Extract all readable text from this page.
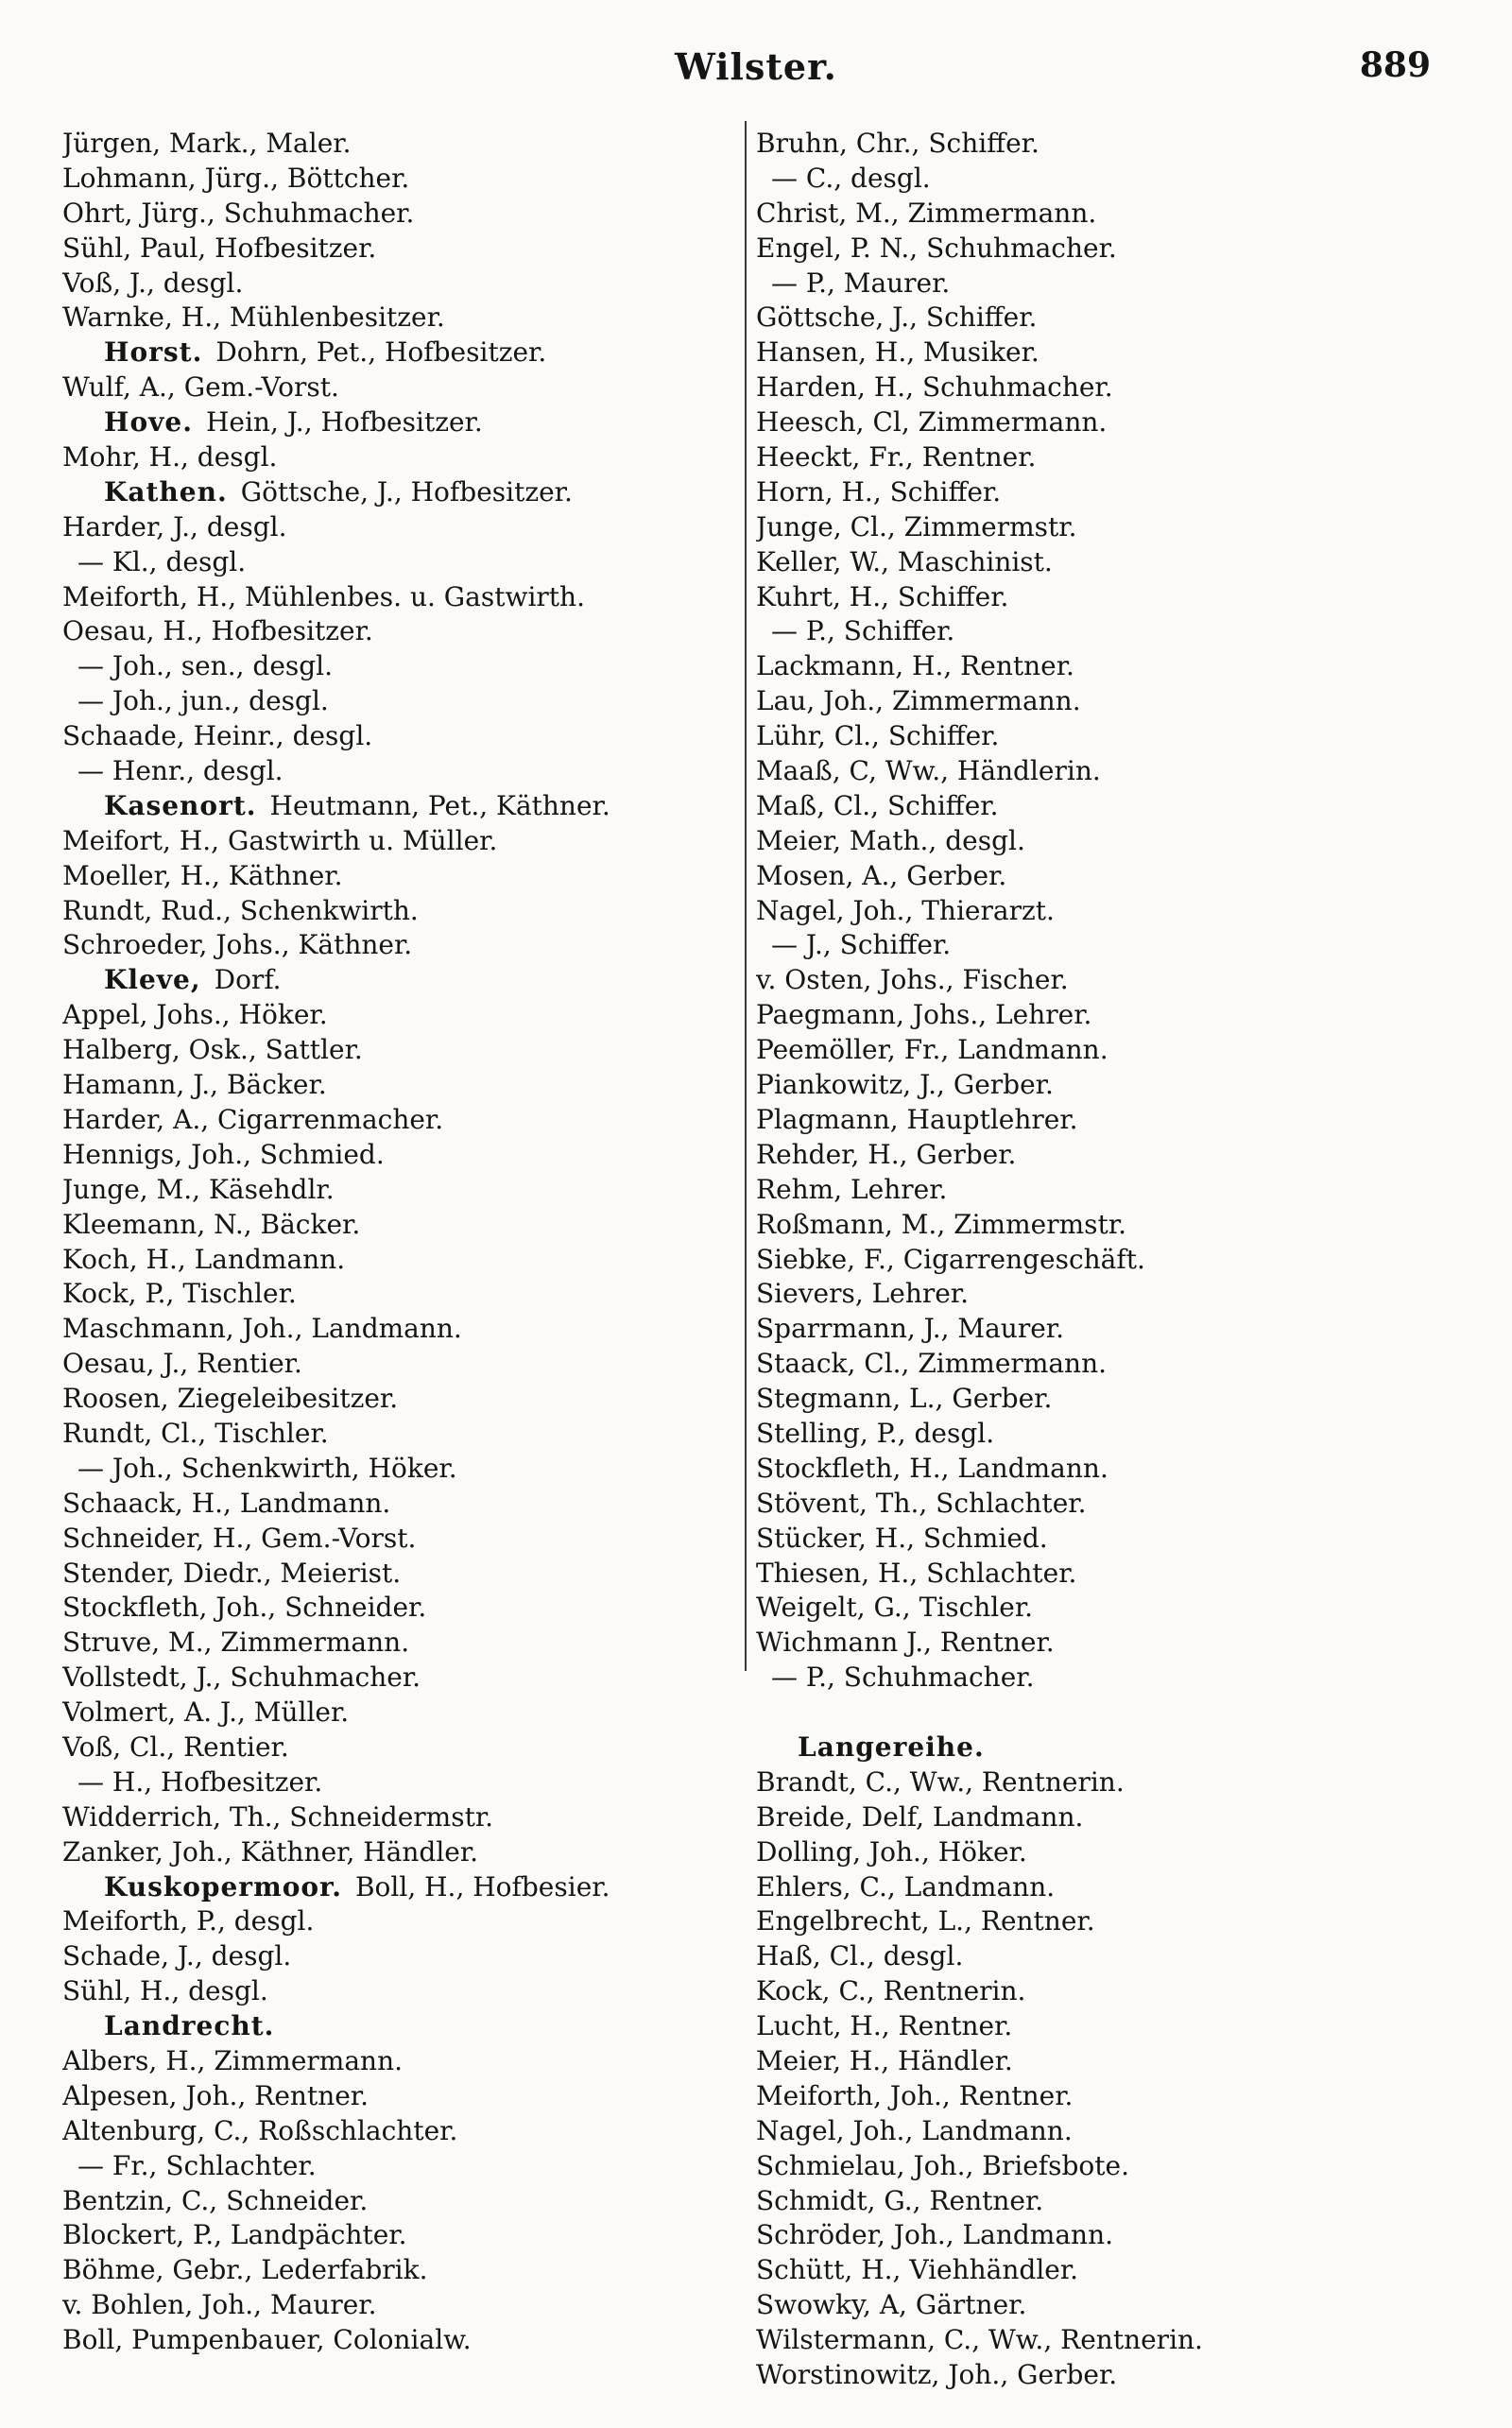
Wilster.	889
Jürgen, Mark., Maler.
Lohmann, Jürg., Böttcher.
Ohrt, Jürg., Schuhmacher.
Sühl, Paul, Hofbesitzer.
Voß, J., desgl.
Warnke, H., Mühlenbesitzer.
Horst. Dohrn, Pet., Hofbesitzer.
Wulf, A., Gem.-Vorst.
Hove. Hein, J., Hofbesitzer.
Mohr, H., desgl.
Kathen. Göttsche, J., Hofbesitzer.
Harder, J., desgl.
— Kl., desgl.
Meiforth, H., Mühlenbes. u. Gastwirth.
Oesau, H., Hofbesitzer.
— Joh., sen., desgl.
— Joh., jun., desgl.
Schaade, Heinr., desgl.
— Henr., desgl.
Kasenort. Heutmann, Pet., Käthner.
Meifort, H., Gastwirth u. Müller.
Moeller, H., Käthner.
Rundt, Rud., Schenkwirth.
Schroeder, Johs., Käthner.
Kleve, Dorf.
Appel, Johs., Höker.
Halberg, Osk., Sattler.
Hamann, J., Bäcker.
Harder, A., Cigarrenmacher.
Hennigs, Joh., Schmied.
Junge, M., Käsehdlr.
Kleemann, N., Bäcker.
Koch, H., Landmann.
Kock, P., Tischler.
Maschmann, Joh., Landmann.
Oesau, J., Rentier.
Roosen, Ziegeleibesitzer.
Rundt, Cl., Tischler.
— Joh., Schenkwirth, Höker.
Schaack, H., Landmann.
Schneider, H., Gem.-Vorst.
Stender, Diedr., Meierist.
Stockfleth, Joh., Schneider.
Struve, M., Zimmermann.
Vollstedt, J., Schuhmacher.
Volmert, A. J., Müller.
Voß, Cl., Rentier.
— H., Hofbesitzer.
Widderrich, Th., Schneidermstr.
Zanker, Joh., Käthner, Händler.
Kuskopermoor. Boll, H., Hofbesier.
Meiforth, P., desgl.
Schade, J., desgl.
Sühl, H., desgl.
Landrecht.
Albers, H., Zimmermann.
Alpesen, Joh., Rentner.
Altenburg, C., Roßschlachter.
— Fr., Schlachter.
Bentzin, C., Schneider.
Blockert, P., Landpächter.
Böhme, Gebr., Lederfabrik.
v. Bohlen, Joh., Maurer.
Boll, Pumpenbauer, Colonialw.
Bruhn, Chr., Schiffer.
— C., desgl.
Christ, M., Zimmermann.
Engel, P. N., Schuhmacher.
— P., Maurer.
Göttsche, J., Schiffer.
Hansen, H., Musiker.
Harden, H., Schuhmacher.
Heesch, Cl, Zimmermann.
Heeckt, Fr., Rentner.
Horn, H., Schiffer.
Junge, Cl., Zimmermstr.
Keller, W., Maschinist.
Kuhrt, H., Schiffer.
— P., Schiffer.
Lackmann, H., Rentner.
Lau, Joh., Zimmermann.
Lühr, Cl., Schiffer.
Maaß, C, Ww., Händlerin.
Maß, Cl., Schiffer.
Meier, Math., desgl.
Mosen, A., Gerber.
Nagel, Joh., Thierarzt.
— J., Schiffer.
v. Osten, Johs., Fischer.
Paegmann, Johs., Lehrer.
Peemöller, Fr., Landmann.
Piankowitz, J., Gerber.
Plagmann, Hauptlehrer.
Rehder, H., Gerber.
Rehm, Lehrer.
Roßmann, M., Zimmermstr.
Siebke, F., Cigarrengeschäft.
Sievers, Lehrer.
Sparrmann, J., Maurer.
Staack, Cl., Zimmermann.
Stegmann, L., Gerber.
Stelling, P., desgl.
Stockfleth, H., Landmann.
Stövent, Th., Schlachter.
Stücker, H., Schmied.
Thiesen, H., Schlachter.
Weigelt, G., Tischler.
Wichmann J., Rentner.
— P., Schuhmacher.
Langereihe.
Brandt, C., Ww., Rentnerin.
Breide, Delf, Landmann.
Dolling, Joh., Höker.
Ehlers, C., Landmann.
Engelbrecht, L., Rentner.
Haß, Cl., desgl.
Kock, C., Rentnerin.
Lucht, H., Rentner.
Meier, H., Händler.
Meiforth, Joh., Rentner.
Nagel, Joh., Landmann.
Schmielau, Joh., Briefsbote.
Schmidt, G., Rentner.
Schröder, Joh., Landmann.
Schütt, H., Viehhändler.
Swowky, A, Gärtner.
Wilstermann, C., Ww., Rentnerin.
Worstinowitz, Joh., Gerber.
